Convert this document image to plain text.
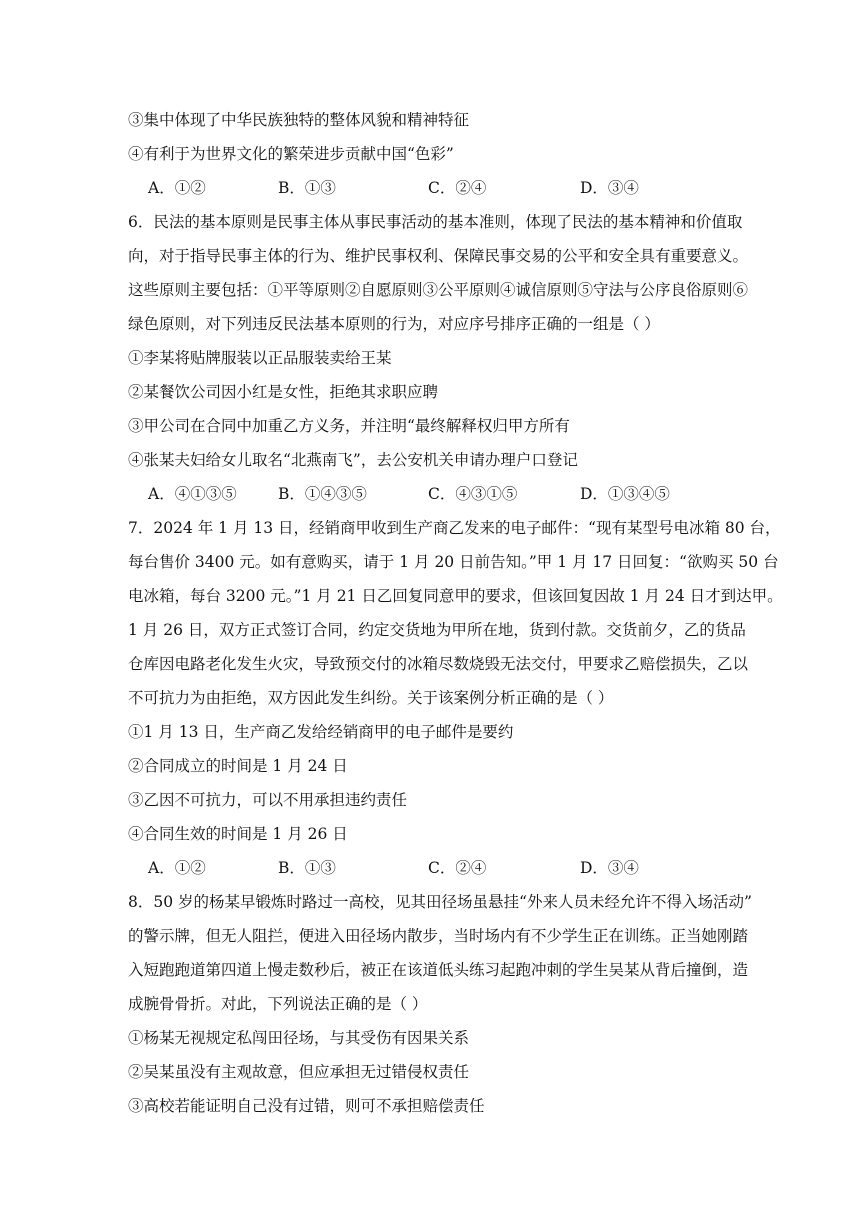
③集中体现了中华民族独特的整体风貌和精神特征
④有利于为世界文化的繁荣进步贡献中国“色彩”
A．①②	B．①③	C．②④	D．③④
6．民法的基本原则是民事主体从事民事活动的基本准则，体现了民法的基本精神和价值取
向，对于指导民事主体的行为、维护民事权利、保障民事交易的公平和安全具有重要意义。
这些原则主要包括：①平等原则②自愿原则③公平原则④诚信原则⑤守法与公序良俗原则⑥
绿色原则，对下列违反民法基本原则的行为，对应序号排序正确的一组是（ ）
①李某将贴牌服装以正品服装卖给王某
②某餐饮公司因小红是女性，拒绝其求职应聘
③甲公司在合同中加重乙方义务，并注明“最终解释权归甲方所有
④张某夫妇给女儿取名“北燕南飞”，去公安机关申请办理户口登记
A．④①③⑤	B．①④③⑤	C．④③①⑤	D．①③④⑤
7．2024 年 1 月 13 日，经销商甲收到生产商乙发来的电子邮件：“现有某型号电冰箱 80 台，
每台售价 3400 元。如有意购买，请于 1 月 20 日前告知。”甲 1 月 17 日回复：“欲购买 50 台
电冰箱，每台 3200 元。”1 月 21 日乙回复同意甲的要求，但该回复因故 1 月 24 日才到达甲。
1 月 26 日，双方正式签订合同，约定交货地为甲所在地，货到付款。交货前夕，乙的货品
仓库因电路老化发生火灾，导致预交付的冰箱尽数烧毁无法交付，甲要求乙赔偿损失，乙以
不可抗力为由拒绝，双方因此发生纠纷。关于该案例分析正确的是（ ）
①1 月 13 日，生产商乙发给经销商甲的电子邮件是要约
②合同成立的时间是 1 月 24 日
③乙因不可抗力，可以不用承担违约责任
④合同生效的时间是 1 月 26 日
A．①②	B．①③	C．②④	D．③④
8．50 岁的杨某早锻炼时路过一高校，见其田径场虽悬挂“外来人员未经允许不得入场活动”
的警示牌，但无人阻拦，便进入田径场内散步，当时场内有不少学生正在训练。正当她刚踏
入短跑跑道第四道上慢走数秒后，被正在该道低头练习起跑冲刺的学生吴某从背后撞倒，造
成腕骨骨折。对此，下列说法正确的是（ ）
①杨某无视规定私闯田径场，与其受伤有因果关系
②吴某虽没有主观故意，但应承担无过错侵权责任
③高校若能证明自己没有过错，则可不承担赔偿责任
